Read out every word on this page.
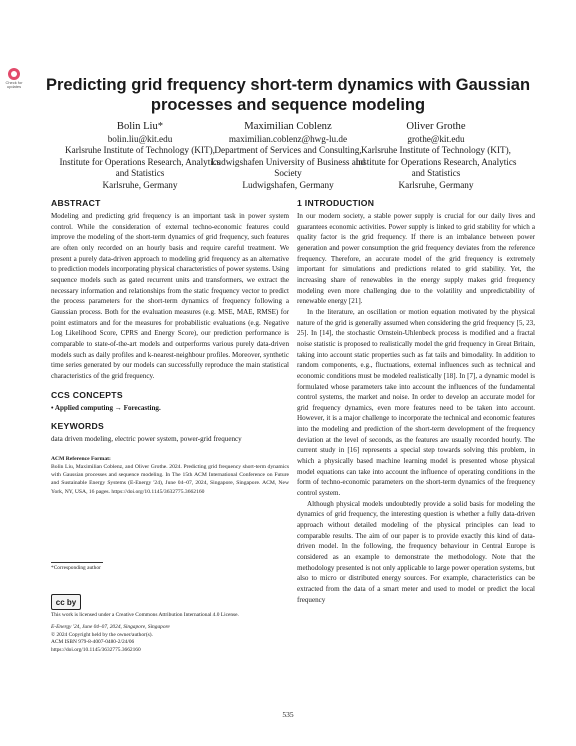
Check for updates	Predicting grid frequency short-term dynamics with Gaussian processes and sequence modeling
Bolin Liu*
bolin.liu@kit.edu
Karlsruhe Institute of Technology (KIT), Institute for Operations Research, Analytics and Statistics
Karlsruhe, Germany
Maximilian Coblenz
maximilian.coblenz@hwg-lu.de
Department of Services and Consulting, Ludwigshafen University of Business and Society
Ludwigshafen, Germany
Oliver Grothe
grothe@kit.edu
Karlsruhe Institute of Technology (KIT), Institute for Operations Research, Analytics and Statistics
Karlsruhe, Germany
ABSTRACT

Modeling and predicting grid frequency is an important task in power system control. While the consideration of external techno-economic features could improve the modeling of the short-term dynamics of grid frequency, such features are often only recorded on an hourly basis and require careful treatment. We present a purely data-driven approach to modeling grid frequency as an alternative to prediction models incorporating physical characteristics of power systems. Using sequence models such as gated recurrent units and transformers, we extract the necessary information and relationships from the static frequency vector to predict the process parameters for the short-term dynamics of frequency following a Gaussian process. Both for the evaluation measures (e.g. MSE, MAE, RMSE) for point estimators and for the measures for probabilistic evaluations (e.g. Negative Log Likelihood Score, CPRS and Energy Score), our prediction performance is comparable to state-of-the-art models and outperforms various purely data-driven models such as daily profiles and k-nearest-neighbour profiles. Moreover, synthetic time series generated by our models can successfully reproduce the main statistical characteristics of the grid frequency.

CCS CONCEPTS

• Applied computing → Forecasting.

KEYWORDS

data driven modeling, electric power system, power-grid frequency

ACM Reference Format:
Bolin Liu, Maximilian Coblenz, and Oliver Grothe. 2024. Predicting grid frequency short-term dynamics with Gaussian processes and sequence modeling. In The 15th ACM International Conference on Future and Sustainable Energy Systems (E-Energy '24), June 04–07, 2024, Singapore, Singapore. ACM, New York, NY, USA, 16 pages. https://doi.org/10.1145/3632775.3662160
*Corresponding author
cc by
This work is licensed under a Creative Commons Attribution International 4.0 License.
E-Energy '24, June 04–07, 2024, Singapore, Singapore
© 2024 Copyright held by the owner/author(s).
ACM ISBN 979-8-4007-0480-2/24/06
https://doi.org/10.1145/3632775.3662160
1 INTRODUCTION

In our modern society, a stable power supply is crucial for our daily lives and guarantees economic activities. Power supply is linked to grid stability for which a quality factor is the grid frequency. If there is an imbalance between power generation and power consumption the grid frequency deviates from the reference frequency. Therefore, an accurate model of the grid frequency is extremely important for simulations and predictions related to grid stability. Yet, the increasing share of renewables in the energy supply makes grid frequency modeling even more challenging due to the volatility and unpredictability of renewable energy [21].

In the literature, an oscillation or motion equation motivated by the physical nature of the grid is generally assumed when considering the grid frequency [5, 23, 25]. In [14], the stochastic Ornstein-Uhlenbeck process is modified and a fractal noise statistic is proposed to realistically model the grid frequency in Great Britain, taking into account static properties such as fat tails and bimodality. In addition to random components, e.g., fluctuations, external influences such as technical and economic conditions must be modeled realistically [18]. In [7], a dynamic model is formulated whose parameters take into account the influences of the fundamental control systems, the market and noise. In order to develop an accurate model for grid frequency dynamics, even more features need to be taken into account. However, it is a major challenge to incorporate the technical and economic features into the modeling and prediction of the short-term development of the frequency deviation at the level of seconds, as the features are usually recorded hourly. The current study in [16] represents a special step towards solving this problem, in which a physically based machine learning model is presented whose physical model equations can take into account the influence of operating conditions in the form of techno-economic parameters on the short-term dynamics of the frequency control system.

Although physical models undoubtedly provide a solid basis for modeling the dynamics of grid frequency, the interesting question is whether a fully data-driven approach without detailed modeling of the physical principles can lead to comparable results. The aim of our paper is to provide exactly this kind of data-driven model. In the following, the frequency behaviour in Central Europe is considered as an example to demonstrate the methodology. Note that the methodology presented is not only applicable to large power operation systems, but also to micro or distributed energy sources. For example, characteristics can be extracted from the data of a smart meter and used to model or predict the local frequency

535
